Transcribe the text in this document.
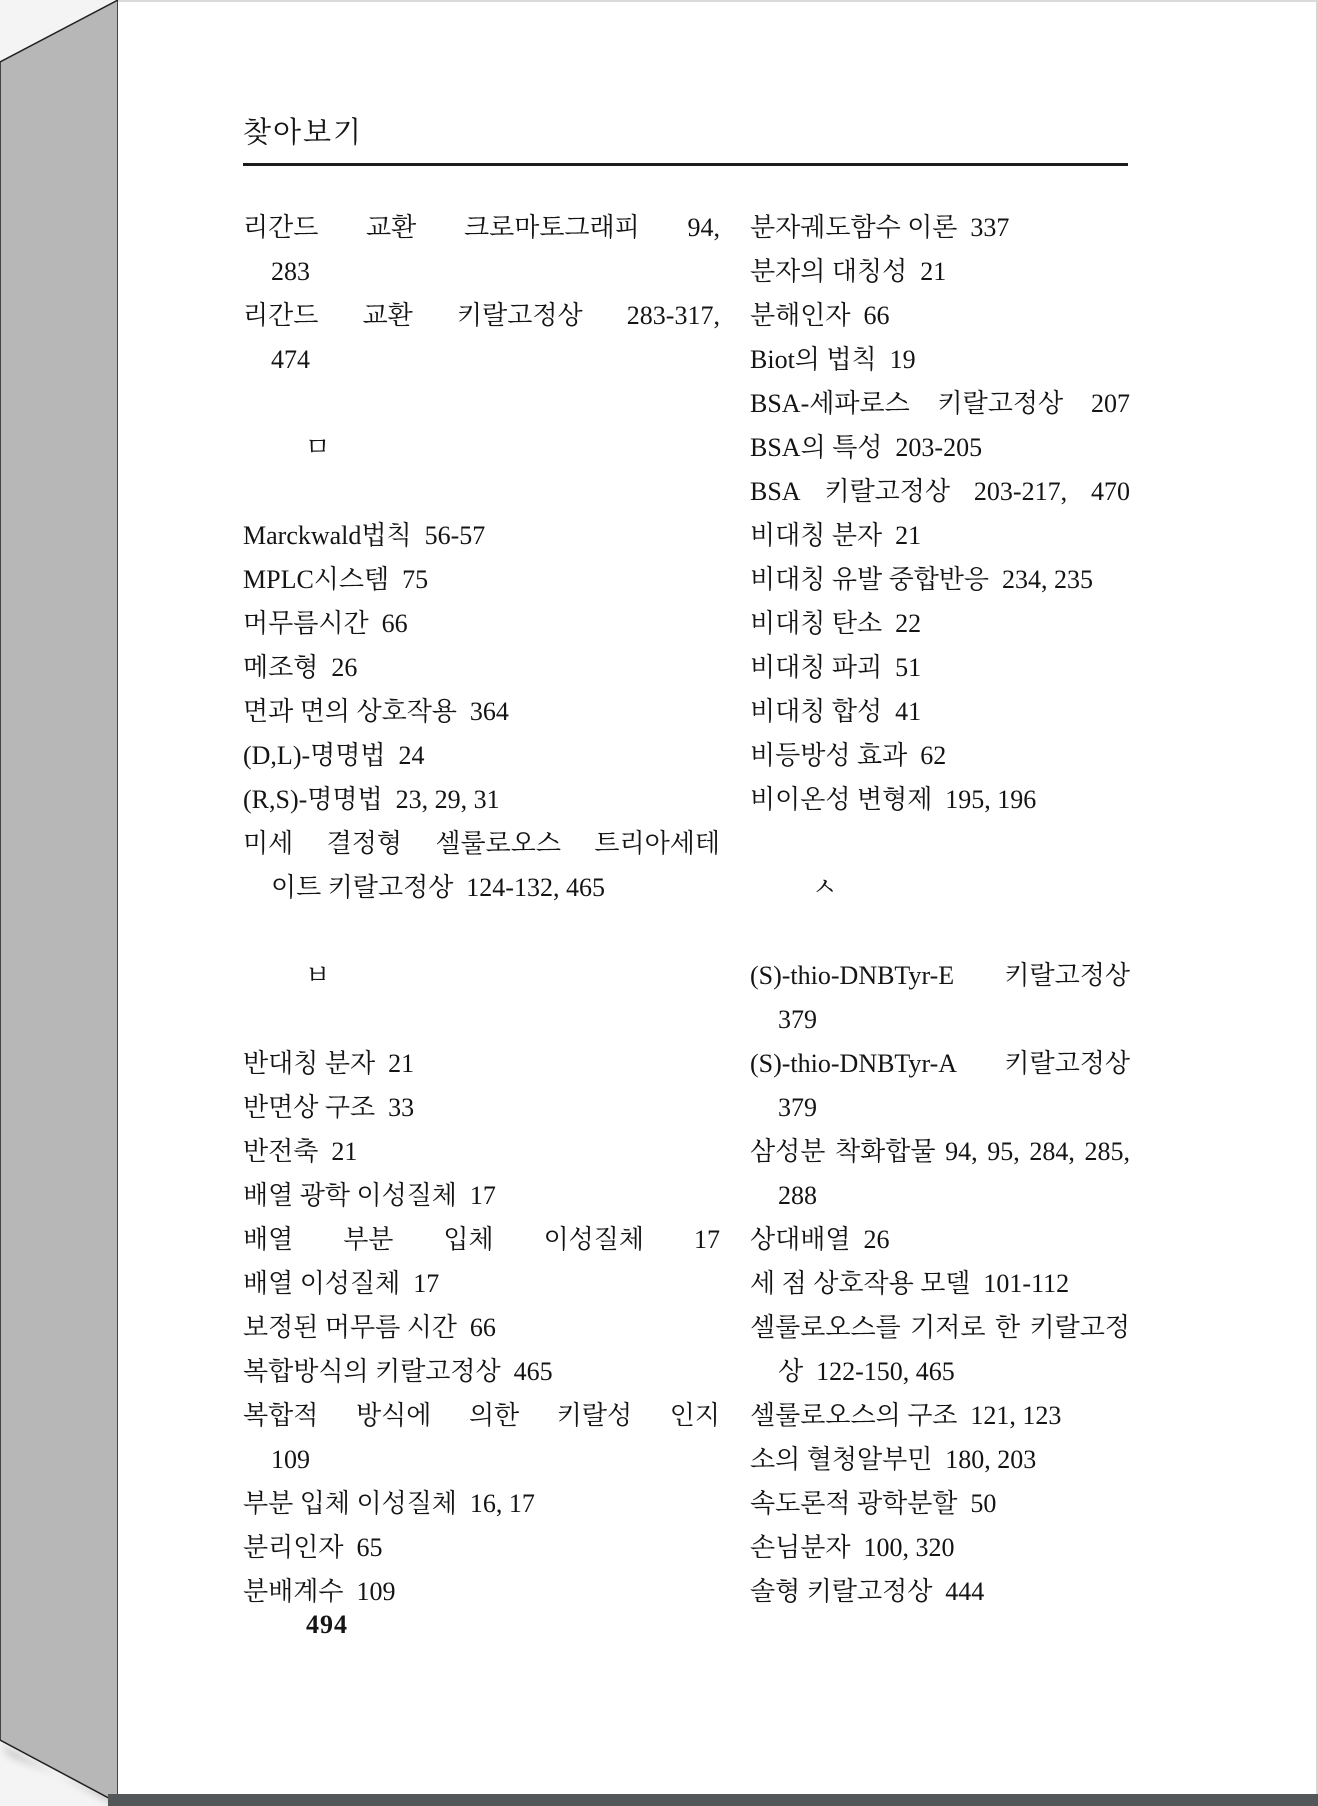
찾아보기
리간드 교환 크로마토그래피 94,
283
리간드 교환 키랄고정상 283-317,
474
ㅁ
Marckwald법칙  56-57
MPLC시스템  75
머무름시간  66
메조형  26
면과 면의 상호작용  364
(D,L)-명명법  24
(R,S)-명명법  23, 29, 31
미세 결정형 셀룰로오스 트리아세테
이트 키랄고정상  124-132, 465
ㅂ
반대칭 분자  21
반면상 구조  33
반전축  21
배열 광학 이성질체  17
배열 부분 입체 이성질체 17
배열 이성질체  17
보정된 머무름 시간  66
복합방식의 키랄고정상  465
복합적 방식에 의한 키랄성 인지
109
부분 입체 이성질체  16, 17
분리인자  65
분배계수  109
분자궤도함수 이론  337
분자의 대칭성  21
분해인자  66
Biot의 법칙  19
BSA-세파로스 키랄고정상 207
BSA의 특성  203-205
BSA 키랄고정상 203-217, 470
비대칭 분자  21
비대칭 유발 중합반응  234, 235
비대칭 탄소  22
비대칭 파괴  51
비대칭 합성  41
비등방성 효과  62
비이온성 변형제  195, 196
ㅅ
(S)-thio-DNBTyr-E 키랄고정상
379
(S)-thio-DNBTyr-A 키랄고정상
379
삼성분 착화합물 94, 95, 284, 285,
288
상대배열  26
세 점 상호작용 모델  101-112
셀룰로오스를 기저로 한 키랄고정
상  122-150, 465
셀룰로오스의 구조  121, 123
소의 혈청알부민  180, 203
속도론적 광학분할  50
손님분자  100, 320
솔형 키랄고정상  444
494
